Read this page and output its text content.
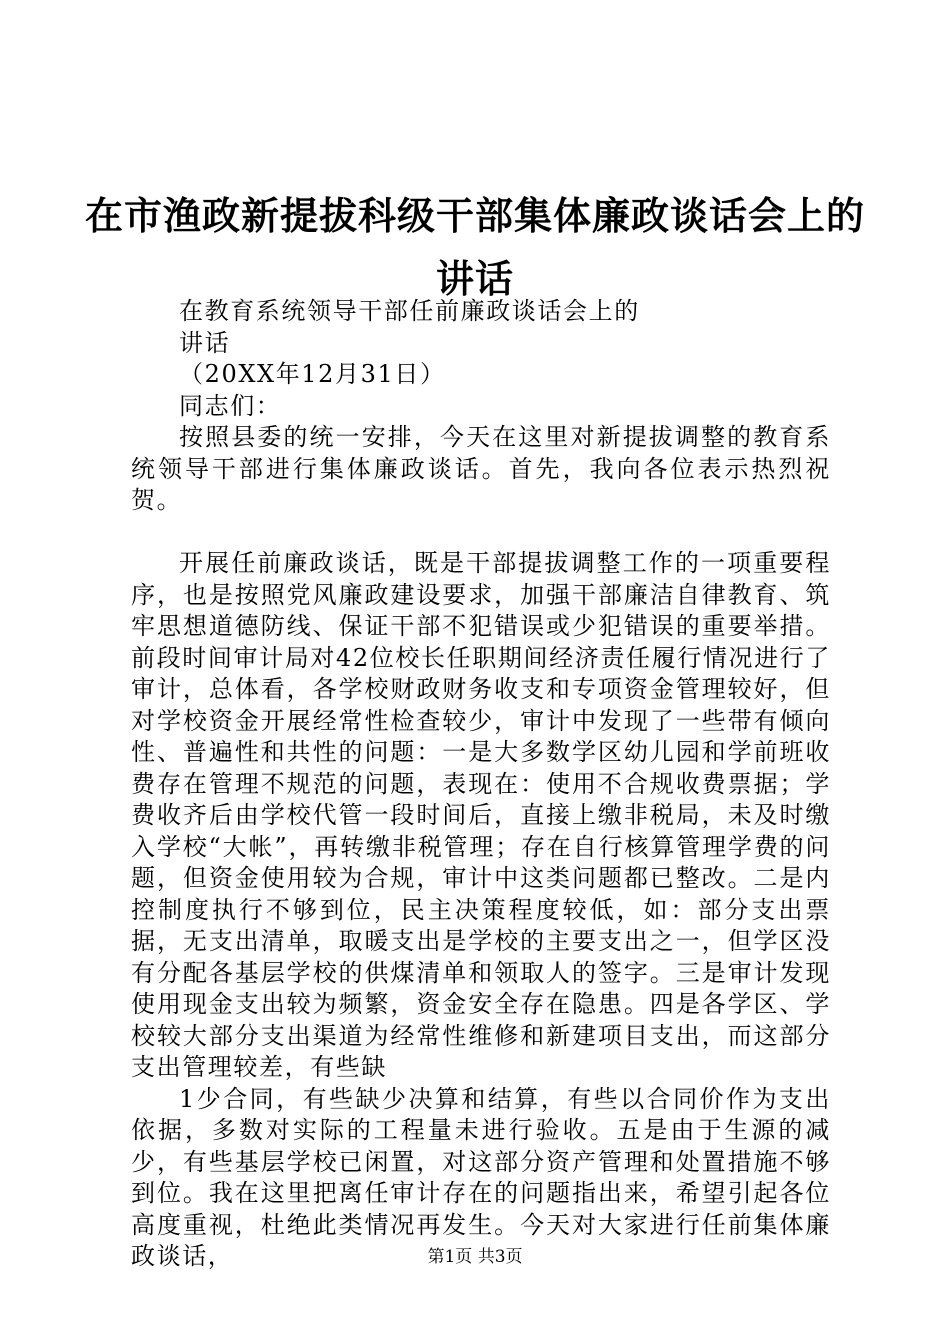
在市渔政新提拔科级干部集体廉政谈话会上的
讲话

在教育系统领导干部任前廉政谈话会上的

讲话

（20XX年12月31日）

同志们：

按照县委的统一安排，今天在这里对新提拔调整的教育系统领导干部进行集体廉政谈话。首先，我向各位表示热烈祝贺。

开展任前廉政谈话，既是干部提拔调整工作的一项重要程序，也是按照党风廉政建设要求，加强干部廉洁自律教育、筑牢思想道德防线、保证干部不犯错误或少犯错误的重要举措。前段时间审计局对42位校长任职期间经济责任履行情况进行了审计，总体看，各学校财政财务收支和专项资金管理较好，但对学校资金开展经常性检查较少，审计中发现了一些带有倾向性、普遍性和共性的问题：一是大多数学区幼儿园和学前班收费存在管理不规范的问题，表现在：使用不合规收费票据；学费收齐后由学校代管一段时间后，直接上缴非税局，未及时缴入学校“大帐”，再转缴非税管理；存在自行核算管理学费的问题，但资金使用较为合规，审计中这类问题都已整改。二是内控制度执行不够到位，民主决策程度较低，如：部分支出票据，无支出清单，取暖支出是学校的主要支出之一，但学区没有分配各基层学校的供煤清单和领取人的签字。三是审计发现使用现金支出较为频繁，资金安全存在隐患。四是各学区、学校较大部分支出渠道为经常性维修和新建项目支出，而这部分支出管理较差，有些缺

1少合同，有些缺少决算和结算，有些以合同价作为支出依据，多数对实际的工程量未进行验收。五是由于生源的减少，有些基层学校已闲置，对这部分资产管理和处置措施不够到位。我在这里把离任审计存在的问题指出来，希望引起各位高度重视，杜绝此类情况再发生。今天对大家进行任前集体廉政谈话，	第1页 共3页
